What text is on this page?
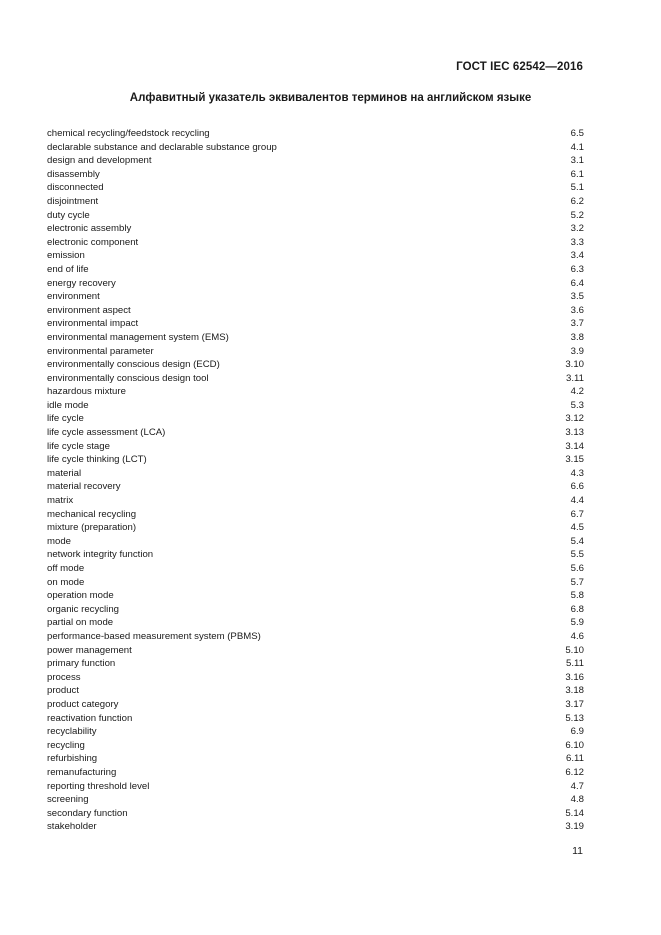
ГОСТ IEC 62542—2016
Алфавитный указатель эквивалентов терминов на английском языке
chemical recycling/feedstock recycling	6.5
declarable substance and declarable substance group	4.1
design and development	3.1
disassembly	6.1
disconnected	5.1
disjointment	6.2
duty cycle	5.2
electronic assembly	3.2
electronic component	3.3
emission	3.4
end of life	6.3
energy recovery	6.4
environment	3.5
environment aspect	3.6
environmental impact	3.7
environmental management system (EMS)	3.8
environmental parameter	3.9
environmentally conscious design (ECD)	3.10
environmentally conscious design tool	3.11
hazardous mixture	4.2
idle mode	5.3
life cycle	3.12
life cycle assessment (LCA)	3.13
life cycle stage	3.14
life cycle thinking (LCT)	3.15
material	4.3
material recovery	6.6
matrix	4.4
mechanical recycling	6.7
mixture (preparation)	4.5
mode	5.4
network integrity function	5.5
off mode	5.6
on mode	5.7
operation mode	5.8
organic recycling	6.8
partial on mode	5.9
performance-based measurement system (PBMS)	4.6
power management	5.10
primary function	5.11
process	3.16
product	3.18
product category	3.17
reactivation function	5.13
recyclability	6.9
recycling	6.10
refurbishing	6.11
remanufacturing	6.12
reporting threshold level	4.7
screening	4.8
secondary function	5.14
stakeholder	3.19
11
